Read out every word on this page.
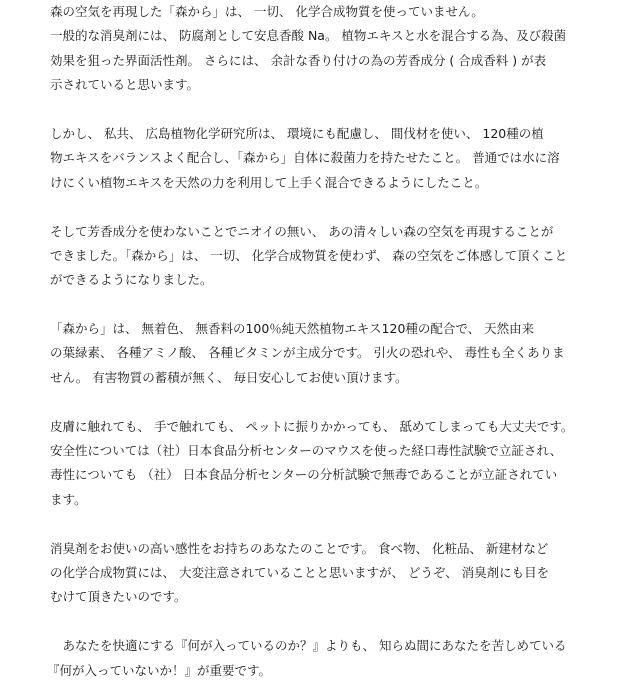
森の空気を再現した「森から」は、 一切、 化学合成物質を使っていません。
一般的な消臭剤には、 防腐剤として安息香酸 Na。 植物エキスと水を混合する為、及び殺菌
効果を狙った界面活性剤。 さらには、 余計な香り付けの為の芳香成分 ( 合成香料 ) が表
示されていると思います。
しかし、 私共、 広島植物化学研究所は、 環境にも配慮し、 間伐材を使い、 120種の植
物エキスをバランスよく配合し、「森から」自体に殺菌力を持たせたこと。 普通では水に溶
けにくい植物エキスを天然の力を利用して上手く混合できるようにしたこと。
そして芳香成分を使わないことでニオイの無い、 あの清々しい森の空気を再現することが
できました。「森から」は、 一切、 化学合成物質を使わず、 森の空気をご体感して頂くこと
ができるようになりました。
「森から」は、 無着色、 無香料の100％純天然植物エキス120種の配合で、 天然由来
の葉緑素、 各種アミノ酸、 各種ビタミンが主成分です。 引火の恐れや、 毒性も全くありま
せん。 有害物質の蓄積が無く、 毎日安心してお使い頂けます。
皮膚に触れても、 手で触れても、 ペットに振りかかっても、 舐めてしまっても大丈夫です。
安全性については（社）日本食品分析センターのマウスを使った経口毒性試験で立証され、
毒性についても （社） 日本食品分析センターの分析試験で無毒であることが立証されてい
ます。
消臭剤をお使いの高い感性をお持ちのあなたのことです。 食べ物、 化粧品、 新建材など
の化学合成物質には、 大変注意されていることと思いますが、 どうぞ、 消臭剤にも目を
むけて頂きたいのです。
　あなたを快適にする『何が入っているのか？』よりも、 知らぬ間にあなたを苦しめている
『何が入っていないか！』が重要です。
